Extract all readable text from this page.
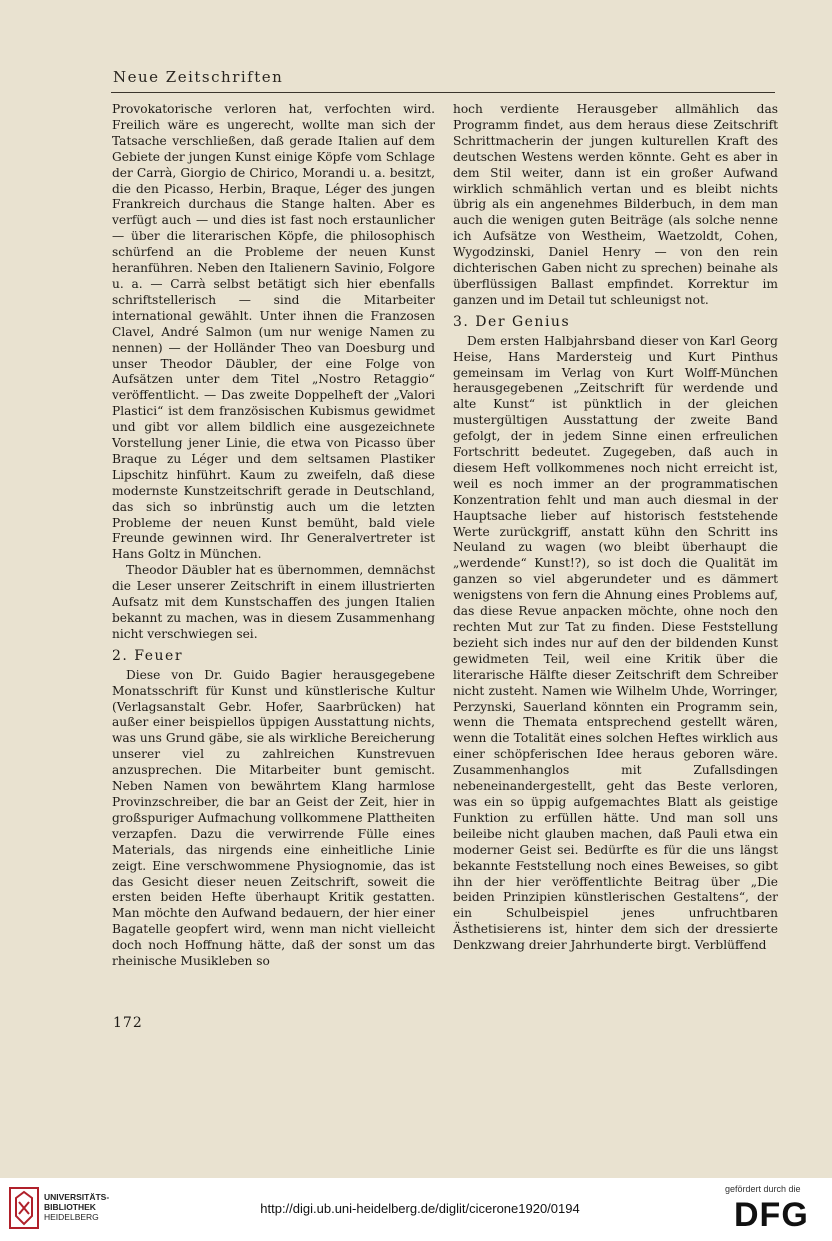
Neue Zeitschriften

Provokatorische verloren hat, verfochten wird. Freilich wäre es ungerecht, wollte man sich der Tatsache verschließen, daß gerade Italien auf dem Gebiete der jungen Kunst einige Köpfe vom Schlage der Carrà, Giorgio de Chirico, Morandi u. a. besitzt, die den Picasso, Herbin, Braque, Léger des jungen Frankreich durchaus die Stange halten. Aber es verfügt auch — und dies ist fast noch erstaunlicher — über die literarischen Köpfe, die philosophisch schürfend an die Probleme der neuen Kunst heranführen. Neben den Italienern Savinio, Folgore u. a. — Carrà selbst betätigt sich hier ebenfalls schriftstellerisch — sind die Mitarbeiter international gewählt. Unter ihnen die Franzosen Clavel, André Salmon (um nur wenige Namen zu nennen) — der Holländer Theo van Doesburg und unser Theodor Däubler, der eine Folge von Aufsätzen unter dem Titel „Nostro Retaggio“ veröffentlicht. — Das zweite Doppelheft der „Valori Plastici“ ist dem französischen Kubismus gewidmet und gibt vor allem bildlich eine ausgezeichnete Vorstellung jener Linie, die etwa von Picasso über Braque zu Léger und dem seltsamen Plastiker Lipschitz hinführt. Kaum zu zweifeln, daß diese modernste Kunstzeitschrift gerade in Deutschland, das sich so inbrünstig auch um die letzten Probleme der neuen Kunst bemüht, bald viele Freunde gewinnen wird. Ihr Generalvertreter ist Hans Goltz in München.

Theodor Däubler hat es übernommen, demnächst die Leser unserer Zeitschrift in einem illustrierten Aufsatz mit dem Kunstschaffen des jungen Italien bekannt zu machen, was in diesem Zusammenhang nicht verschwiegen sei.

2. Feuer

Diese von Dr. Guido Bagier herausgegebene Monatsschrift für Kunst und künstlerische Kultur (Verlagsanstalt Gebr. Hofer, Saarbrücken) hat außer einer beispiellos üppigen Ausstattung nichts, was uns Grund gäbe, sie als wirkliche Bereicherung unserer viel zu zahlreichen Kunstrevuen anzusprechen. Die Mitarbeiter bunt gemischt. Neben Namen von bewährtem Klang harmlose Provinzschreiber, die bar an Geist der Zeit, hier in großspuriger Aufmachung vollkommene Plattheiten verzapfen. Dazu die verwirrende Fülle eines Materials, das nirgends eine einheitliche Linie zeigt. Eine verschwommene Physiognomie, das ist das Gesicht dieser neuen Zeitschrift, soweit die ersten beiden Hefte überhaupt Kritik gestatten. Man möchte den Aufwand bedauern, der hier einer Bagatelle geopfert wird, wenn man nicht vielleicht doch noch Hoffnung hätte, daß der sonst um das rheinische Musikleben so

hoch verdiente Herausgeber allmählich das Programm findet, aus dem heraus diese Zeitschrift Schrittmacherin der jungen kulturellen Kraft des deutschen Westens werden könnte. Geht es aber in dem Stil weiter, dann ist ein großer Aufwand wirklich schmählich vertan und es bleibt nichts übrig als ein angenehmes Bilderbuch, in dem man auch die wenigen guten Beiträge (als solche nenne ich Aufsätze von Westheim, Waetzoldt, Cohen, Wygodzinski, Daniel Henry — von den rein dichterischen Gaben nicht zu sprechen) beinahe als überflüssigen Ballast empfindet. Korrektur im ganzen und im Detail tut schleunigst not.

3. Der Genius

Dem ersten Halbjahrsband dieser von Karl Georg Heise, Hans Mardersteig und Kurt Pinthus gemeinsam im Verlag von Kurt Wolff-München herausgegebenen „Zeitschrift für werdende und alte Kunst“ ist pünktlich in der gleichen mustergültigen Ausstattung der zweite Band gefolgt, der in jedem Sinne einen erfreulichen Fortschritt bedeutet. Zugegeben, daß auch in diesem Heft vollkommenes noch nicht erreicht ist, weil es noch immer an der programmatischen Konzentration fehlt und man auch diesmal in der Hauptsache lieber auf historisch feststehende Werte zurückgriff, anstatt kühn den Schritt ins Neuland zu wagen (wo bleibt überhaupt die „werdende“ Kunst!?), so ist doch die Qualität im ganzen so viel abgerundeter und es dämmert wenigstens von fern die Ahnung eines Problems auf, das diese Revue anpacken möchte, ohne noch den rechten Mut zur Tat zu finden. Diese Feststellung bezieht sich indes nur auf den der bildenden Kunst gewidmeten Teil, weil eine Kritik über die literarische Hälfte dieser Zeitschrift dem Schreiber nicht zusteht. Namen wie Wilhelm Uhde, Worringer, Perzynski, Sauerland könnten ein Programm sein, wenn die Themata entsprechend gestellt wären, wenn die Totalität eines solchen Heftes wirklich aus einer schöpferischen Idee heraus geboren wäre. Zusammenhanglos mit Zufallsdingen nebeneinandergestellt, geht das Beste verloren, was ein so üppig aufgemachtes Blatt als geistige Funktion zu erfüllen hätte. Und man soll uns beileibe nicht glauben machen, daß Pauli etwa ein moderner Geist sei. Bedürfte es für die uns längst bekannte Feststellung noch eines Beweises, so gibt ihn der hier veröffentlichte Beitrag über „Die beiden Prinzipien künstlerischen Gestaltens“, der ein Schulbeispiel jenes unfruchtbaren Ästhetisierens ist, hinter dem sich der dressierte Denkzwang dreier Jahrhunderte birgt. Verblüffend

172
UNIVERSITÄTS-
BIBLIOTHEK
HEIDELBERG
http://digi.ub.uni-heidelberg.de/diglit/cicerone1920/0194
gefördert durch die
DFG
